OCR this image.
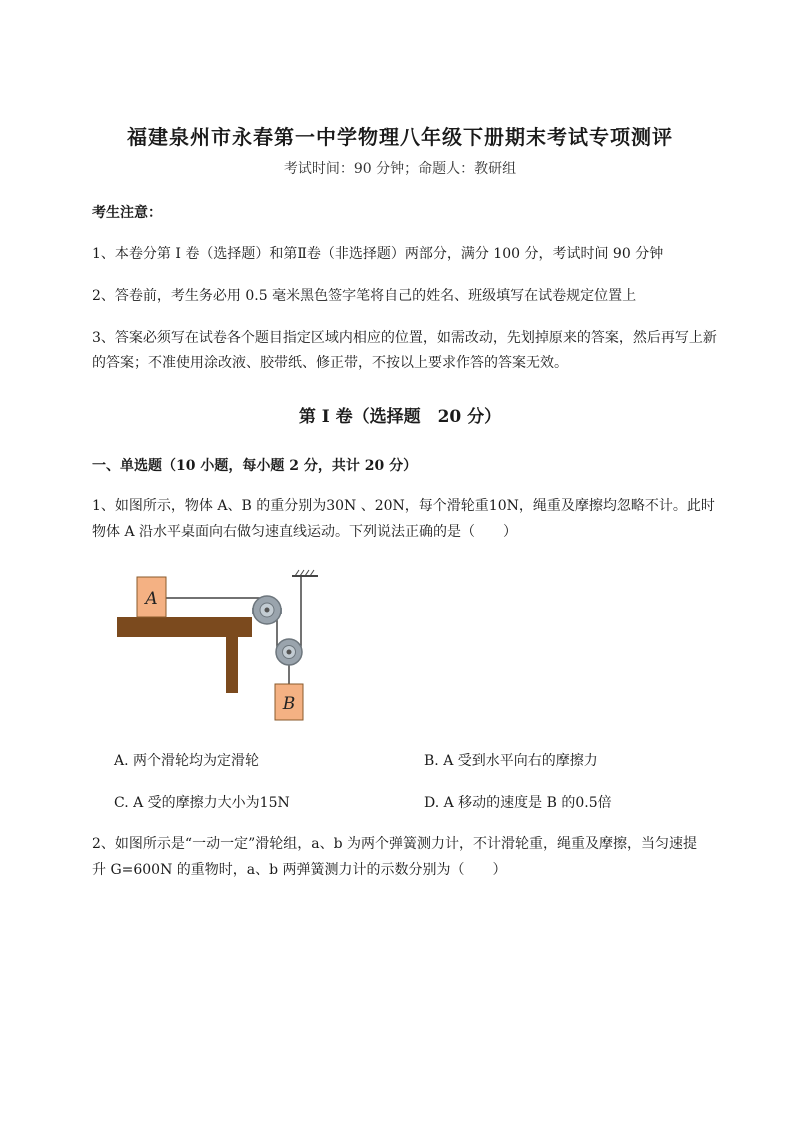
福建泉州市永春第一中学物理八年级下册期末考试专项测评
考试时间：90 分钟；命题人：教研组
考生注意：
1、本卷分第 I 卷（选择题）和第Ⅱ卷（非选择题）两部分，满分 100 分，考试时间 90 分钟
2、答卷前，考生务必用 0.5 毫米黑色签字笔将自己的姓名、班级填写在试卷规定位置上
3、答案必须写在试卷各个题目指定区域内相应的位置，如需改动，先划掉原来的答案，然后再写上新
的答案；不准使用涂改液、胶带纸、修正带，不按以上要求作答的答案无效。
第 I 卷（选择题　20 分）
一、单选题（10 小题，每小题 2 分，共计 20 分）
1、如图所示，物体 A、B 的重分别为30N 、20N，每个滑轮重10N，绳重及摩擦均忽略不计。此时
物体 A 沿水平桌面向右做匀速直线运动。下列说法正确的是（　　）
A
B
A. 两个滑轮均为定滑轮	B. A 受到水平向右的摩擦力
C. A 受的摩擦力大小为15N	D. A 移动的速度是 B 的0.5倍
2、如图所示是“一动一定”滑轮组，a、b 为两个弹簧测力计，不计滑轮重，绳重及摩擦，当匀速提
升 G=600N 的重物时，a、b 两弹簧测力计的示数分别为（　　）
